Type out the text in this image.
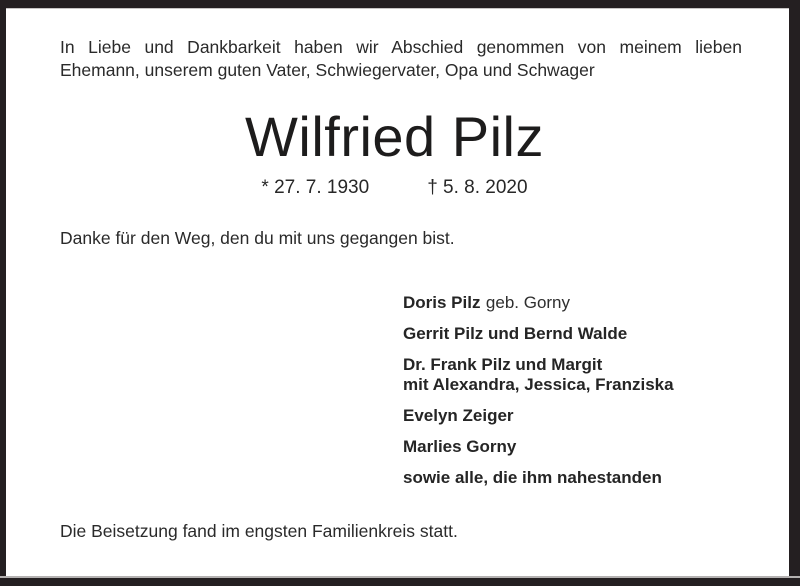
In Liebe und Dankbarkeit haben wir Abschied genommen von meinem lieben
Ehemann, unserem guten Vater, Schwiegervater, Opa und Schwager
Wilfried Pilz
* 27. 7. 1930	† 5. 8. 2020
Danke für den Weg, den du mit uns gegangen bist.
Doris Pilz geb. Gorny
Gerrit Pilz und Bernd Walde
Dr. Frank Pilz und Margit
mit Alexandra, Jessica, Franziska
Evelyn Zeiger
Marlies Gorny
sowie alle, die ihm nahestanden
Die Beisetzung fand im engsten Familienkreis statt.
